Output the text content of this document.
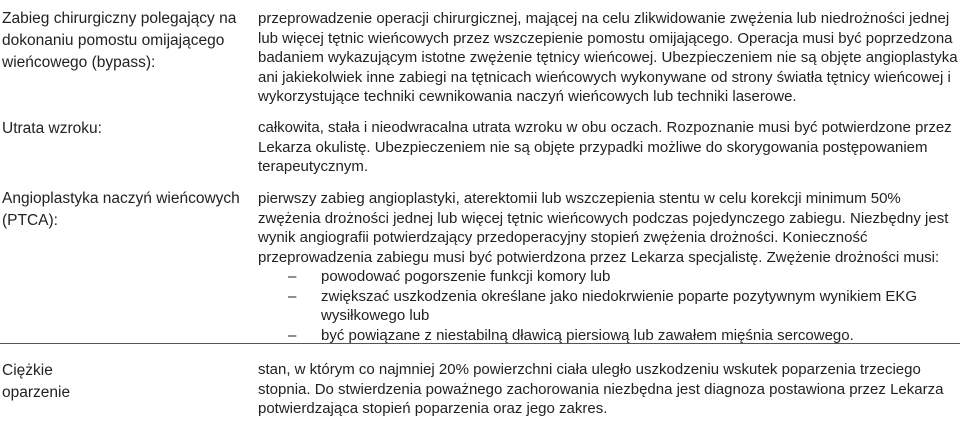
Zabieg chirurgiczny polegający na dokonaniu pomostu omijającego wieńcowego (bypass):
przeprowadzenie operacji chirurgicznej, mającej na celu zlikwidowanie zwężenia lub niedrożności jednej lub więcej tętnic wieńcowych przez wszczepienie pomostu omijającego. Operacja musi być poprzedzona badaniem wykazującym istotne zwężenie tętnicy wieńcowej. Ubezpieczeniem nie są objęte angioplastyka ani jakiekolwiek inne zabiegi na tętnicach wieńcowych wykonywane od strony światła tętnicy wieńcowej i wykorzystujące techniki cewnikowania naczyń wieńcowych lub techniki laserowe.
Utrata wzroku:	całkowita, stała i nieodwracalna utrata wzroku w obu oczach. Rozpoznanie musi być potwierdzone przez Lekarza okulistę. Ubezpieczeniem nie są objęte przypadki możliwe do skorygowania postępowaniem terapeutycznym.
Angioplastyka naczyń wieńcowych (PTCA):

pierwszy zabieg angioplastyki, aterektomii lub wszczepienia stentu w celu korekcji minimum 50% zwężenia drożności jednej lub więcej tętnic wieńcowych podczas pojedynczego zabiegu. Niezbędny jest wynik angiografii potwierdzający przedoperacyjny stopień zwężenia drożności. Konieczność przeprowadzenia zabiegu musi być potwierdzona przez Lekarza specjalistę. Zwężenie drożności musi:

– powodować pogorszenie funkcji komory lub
– zwiększać uszkodzenia określane jako niedokrwienie poparte pozytywnym wynikiem EKG wysiłkowego lub
– być powiązane z niestabilną dławicą piersiową lub zawałem mięśnia sercowego.
Ciężkie oparzenie
stan, w którym co najmniej 20% powierzchni ciała uległo uszkodzeniu wskutek poparzenia trzeciego stopnia. Do stwierdzenia poważnego zachorowania niezbędna jest diagnoza postawiona przez Lekarza potwierdzająca stopień poparzenia oraz jego zakres.
